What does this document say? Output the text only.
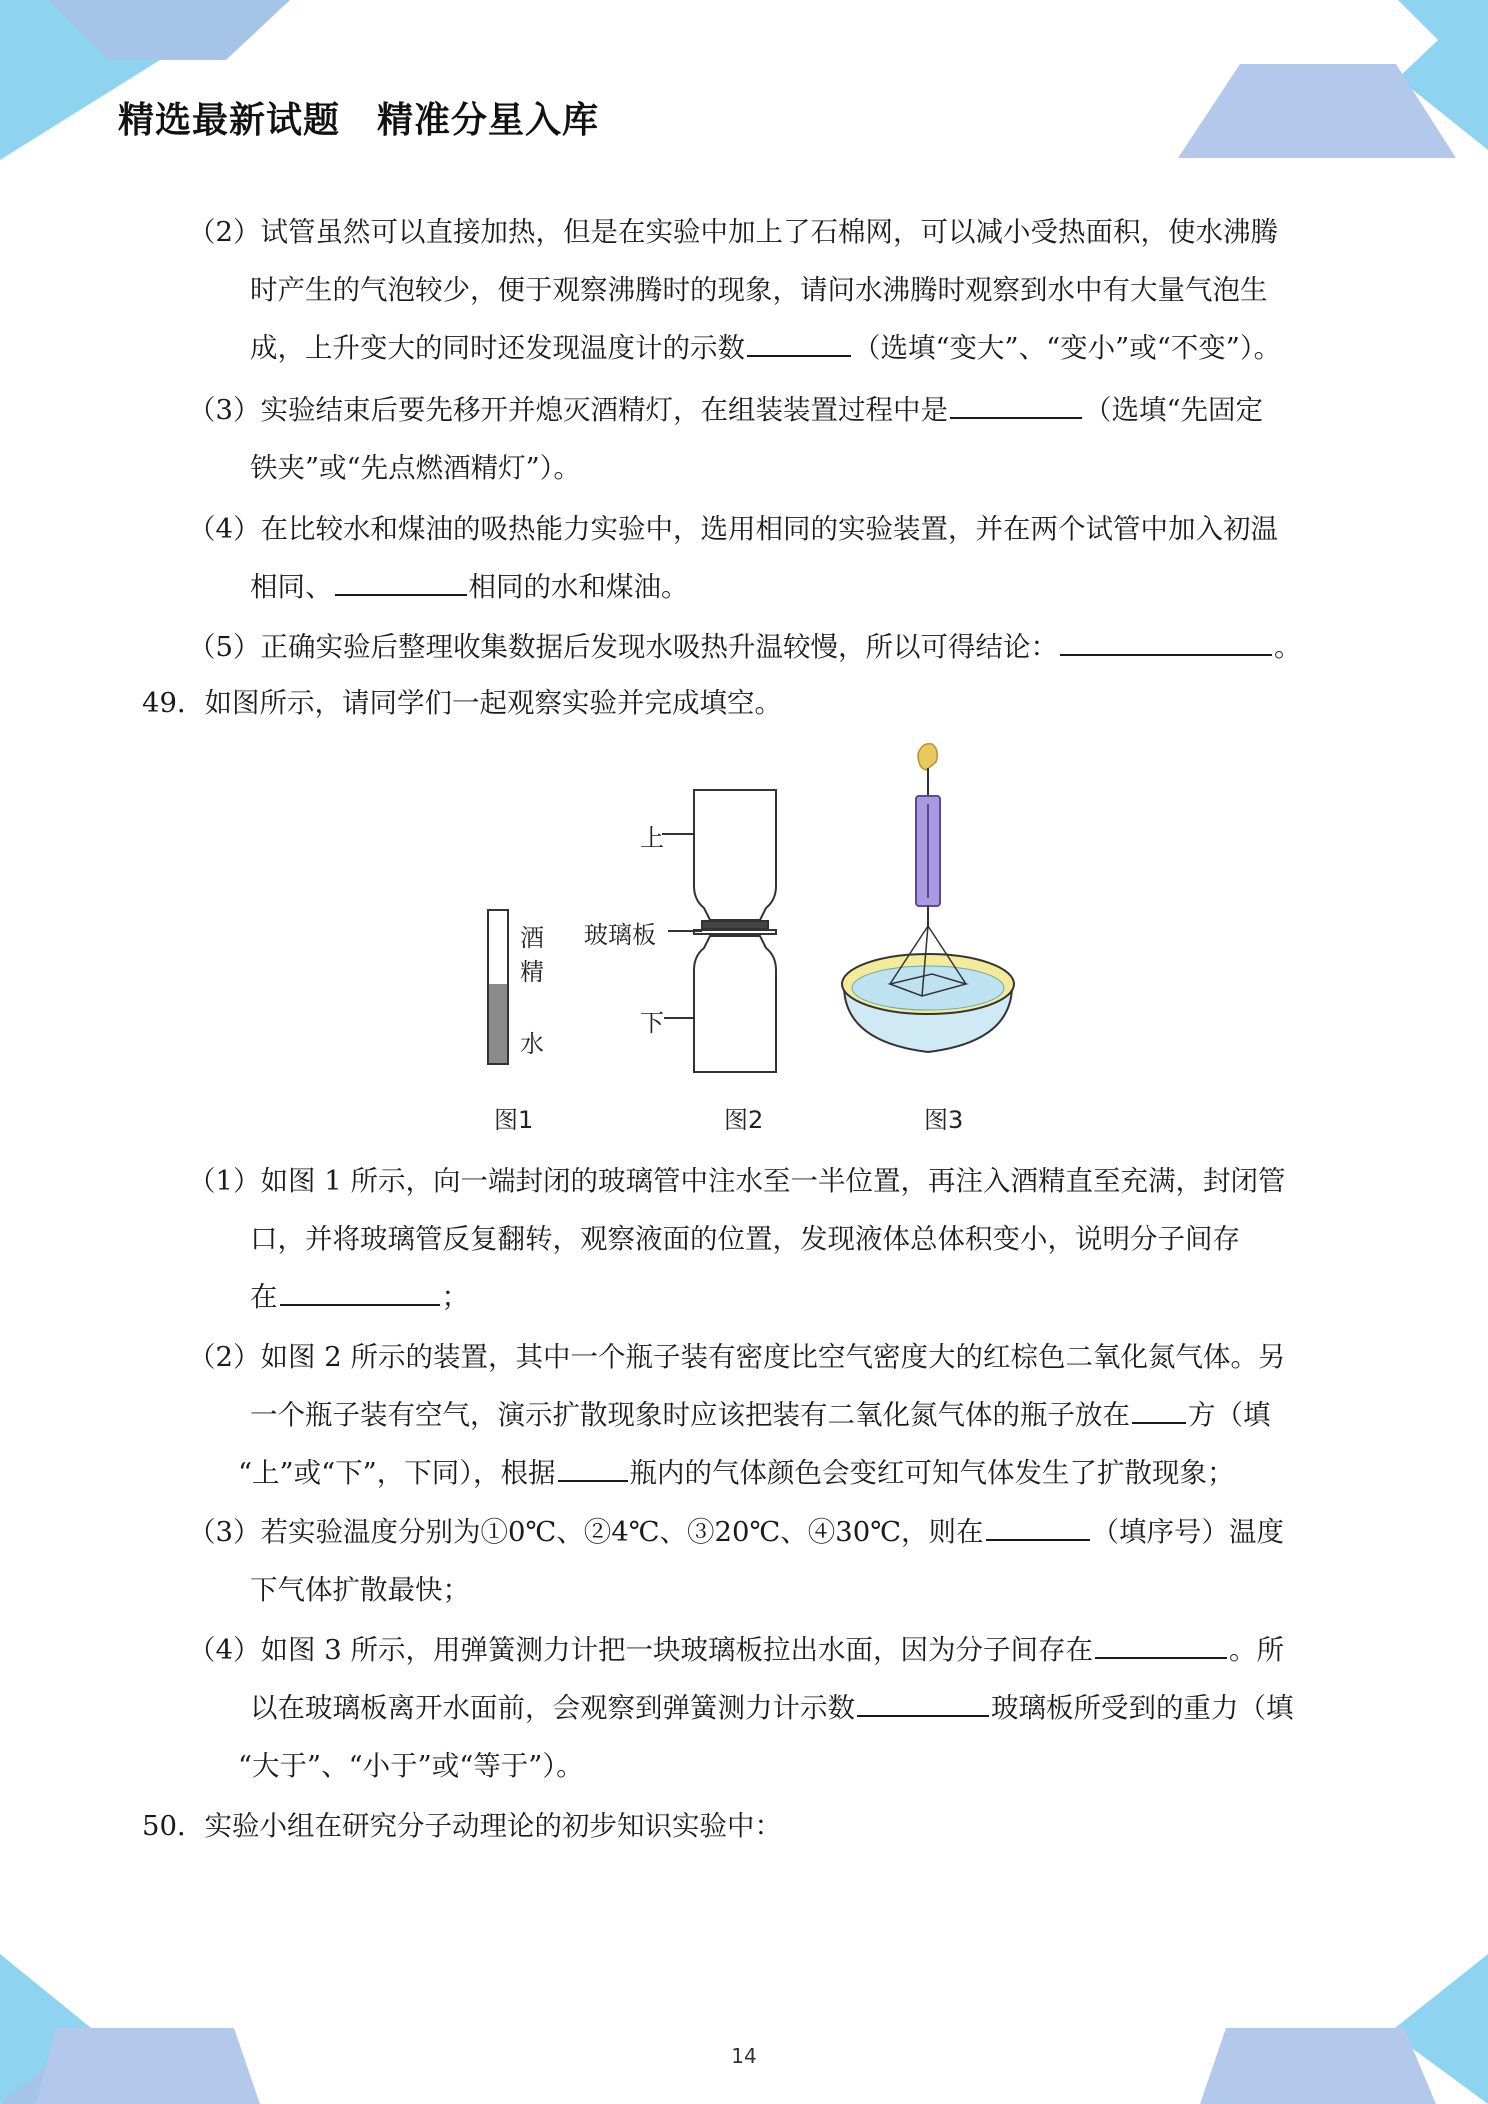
精选最新试题　精准分星入库
（2）试管虽然可以直接加热，但是在实验中加上了石棉网，可以减小受热面积，使水沸腾
时产生的气泡较少，便于观察沸腾时的现象，请问水沸腾时观察到水中有大量气泡生
成，上升变大的同时还发现温度计的示数	（选填“变大”、“变小”或“不变”）。
（3）实验结束后要先移开并熄灭酒精灯，在组装装置过程中是	（选填“先固定
铁夹”或“先点燃酒精灯”）。
（4）在比较水和煤油的吸热能力实验中，选用相同的实验装置，并在两个试管中加入初温
相同、	相同的水和煤油。
（5）正确实验后整理收集数据后发现水吸热升温较慢，所以可得结论：	。
49．如图所示，请同学们一起观察实验并完成填空。
酒
精
水
上
玻璃板
下
图1	图2	图3
（1）如图 1 所示，向一端封闭的玻璃管中注水至一半位置，再注入酒精直至充满，封闭管
口，并将玻璃管反复翻转，观察液面的位置，发现液体总体积变小，说明分子间存
在	；
（2）如图 2 所示的装置，其中一个瓶子装有密度比空气密度大的红棕色二氧化氮气体。另
一个瓶子装有空气，演示扩散现象时应该把装有二氧化氮气体的瓶子放在 方（填
“上”或“下”，下同），根据	瓶内的气体颜色会变红可知气体发生了扩散现象；
（3）若实验温度分别为①0℃、②4℃、③20℃、④30℃，则在	（填序号）温度
下气体扩散最快；
（4）如图 3 所示，用弹簧测力计把一块玻璃板拉出水面，因为分子间存在	。所
以在玻璃板离开水面前，会观察到弹簧测力计示数	玻璃板所受到的重力（填
“大于”、“小于”或“等于”）。
50．实验小组在研究分子动理论的初步知识实验中：
14
